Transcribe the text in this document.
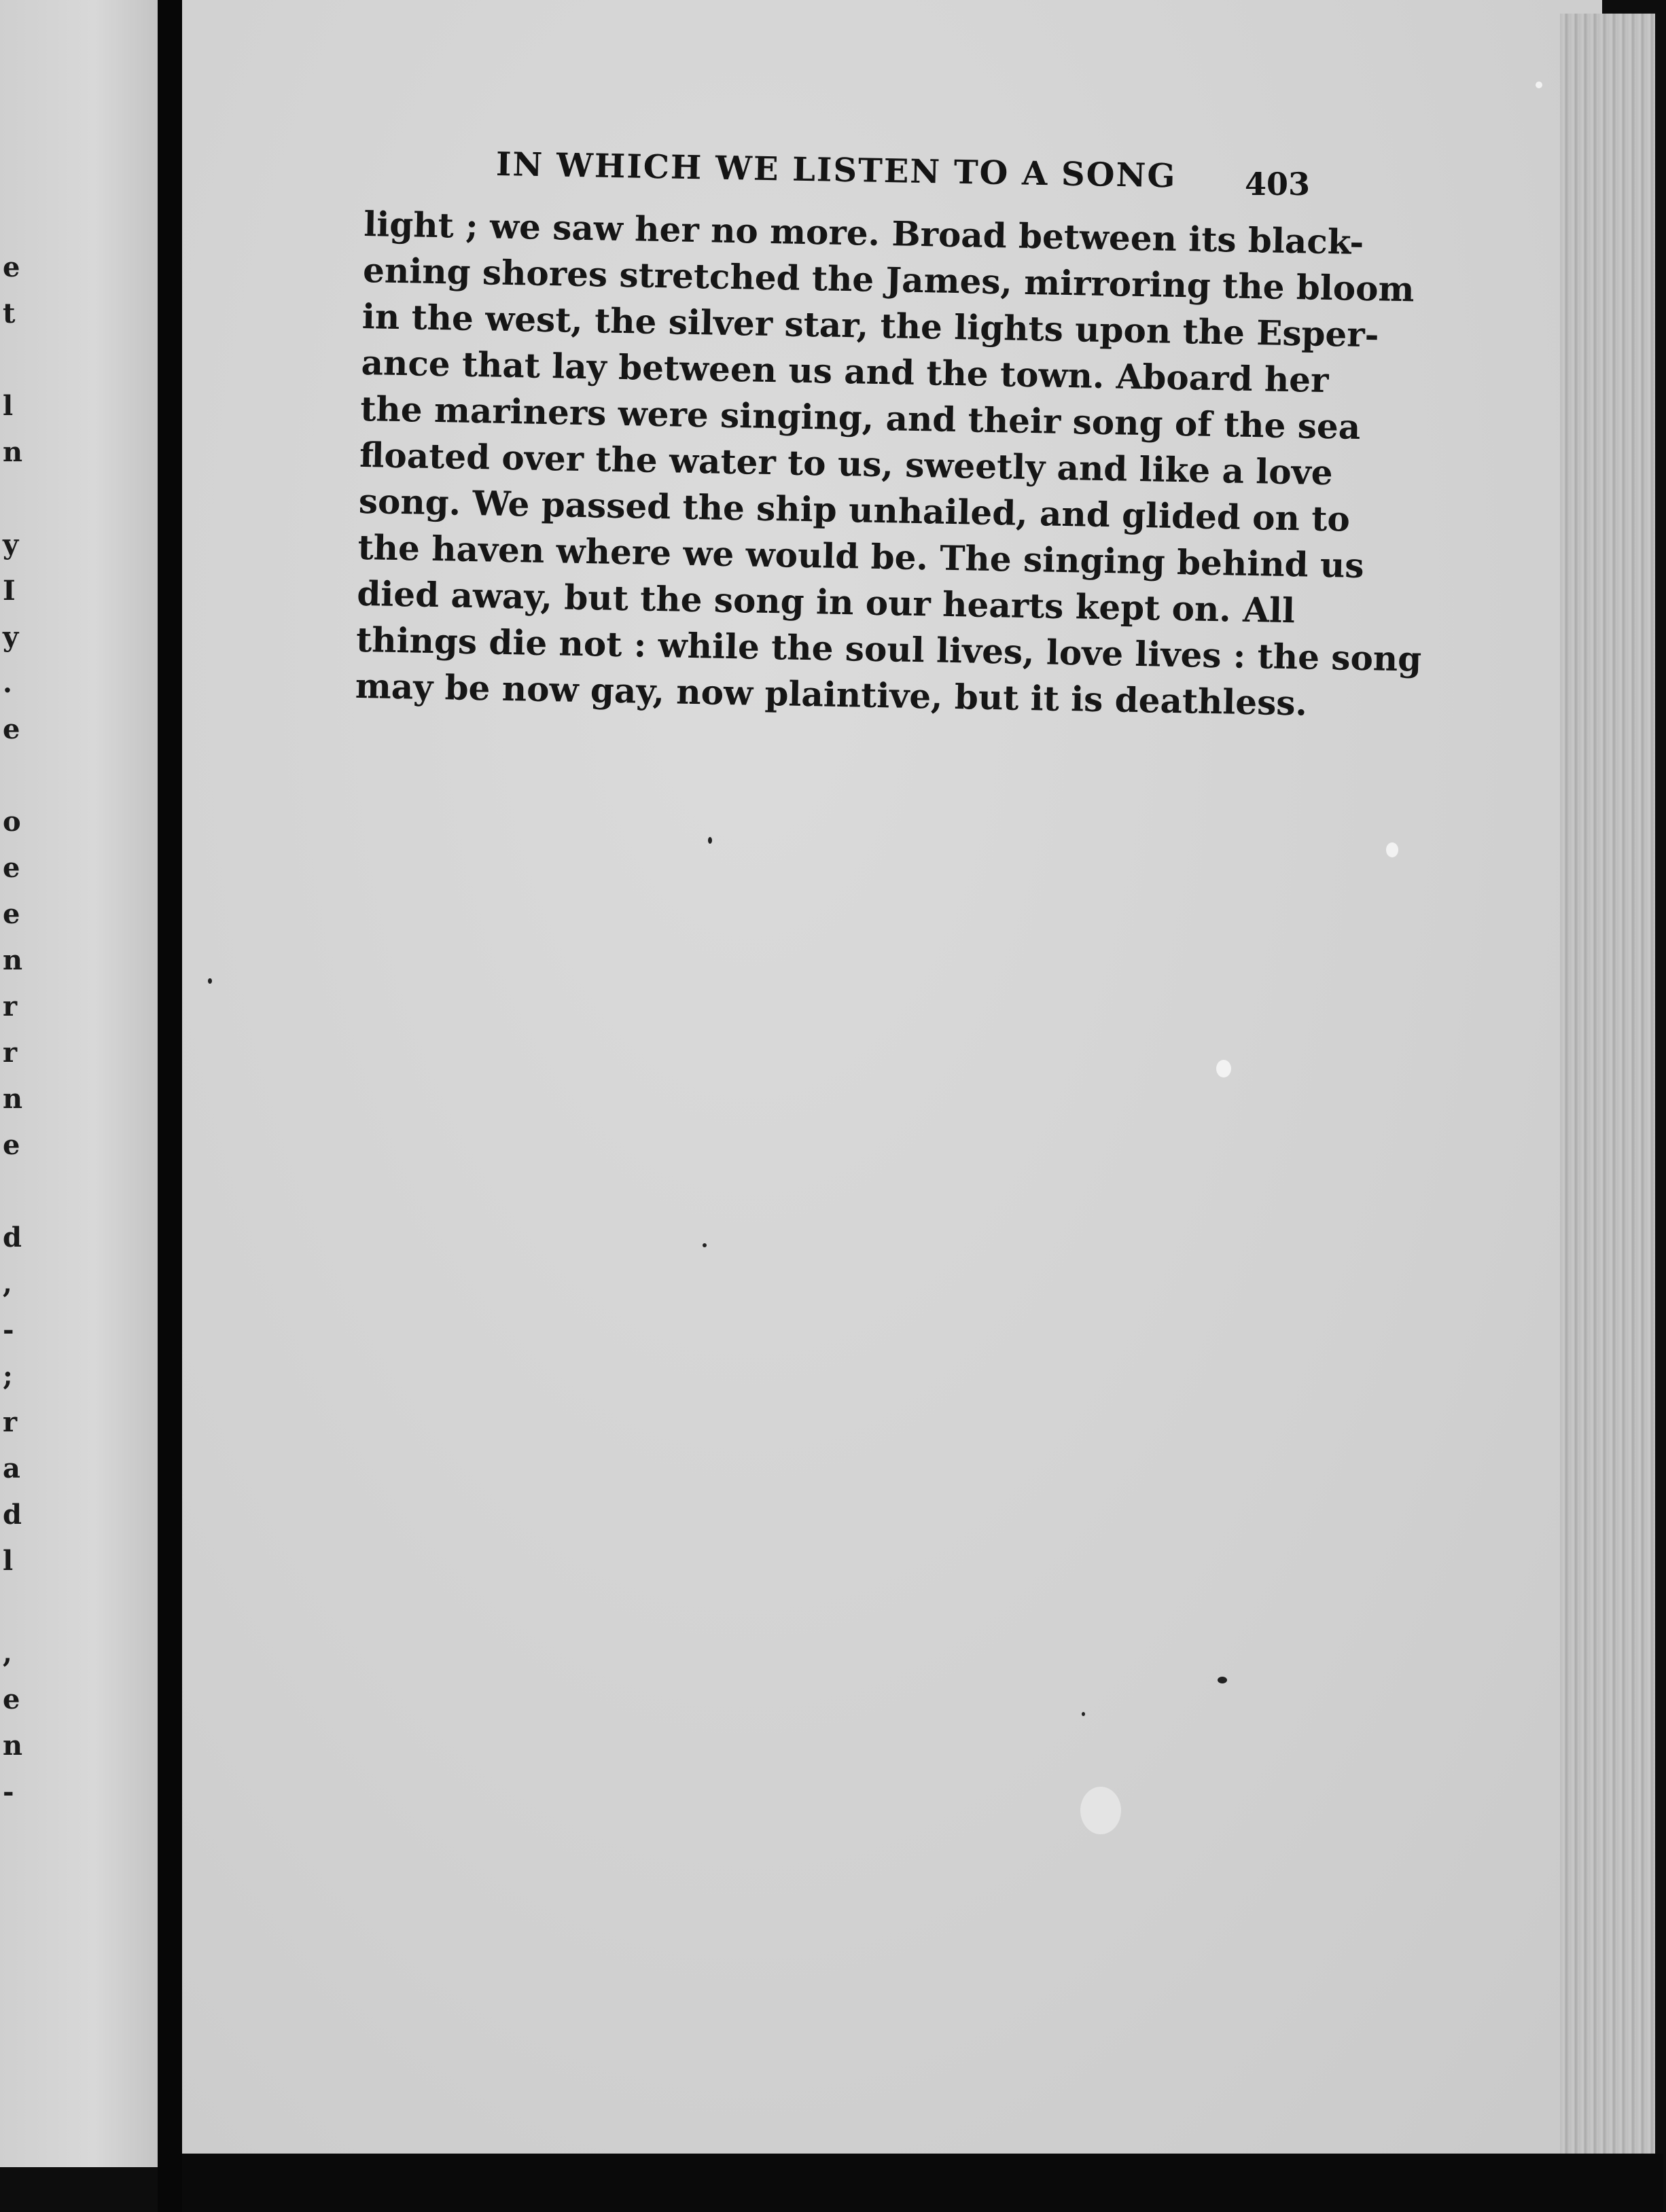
e
t

l
n

y
I
y
.
e

o
e
e
n
r
r
n
e

d
,
-
;
r
a
d
l

,
e
n
-
IN WHICH WE LISTEN TO A SONG 403
light ; we saw her no more. Broad between its black-
ening shores stretched the James, mirroring the bloom
in the west, the silver star, the lights upon the Esper-
ance that lay between us and the town. Aboard her
the mariners were singing, and their song of the sea
floated over the water to us, sweetly and like a love
song. We passed the ship unhailed, and glided on to
the haven where we would be. The singing behind us
died away, but the song in our hearts kept on. All
things die not : while the soul lives, love lives : the song
may be now gay, now plaintive, but it is deathless.
